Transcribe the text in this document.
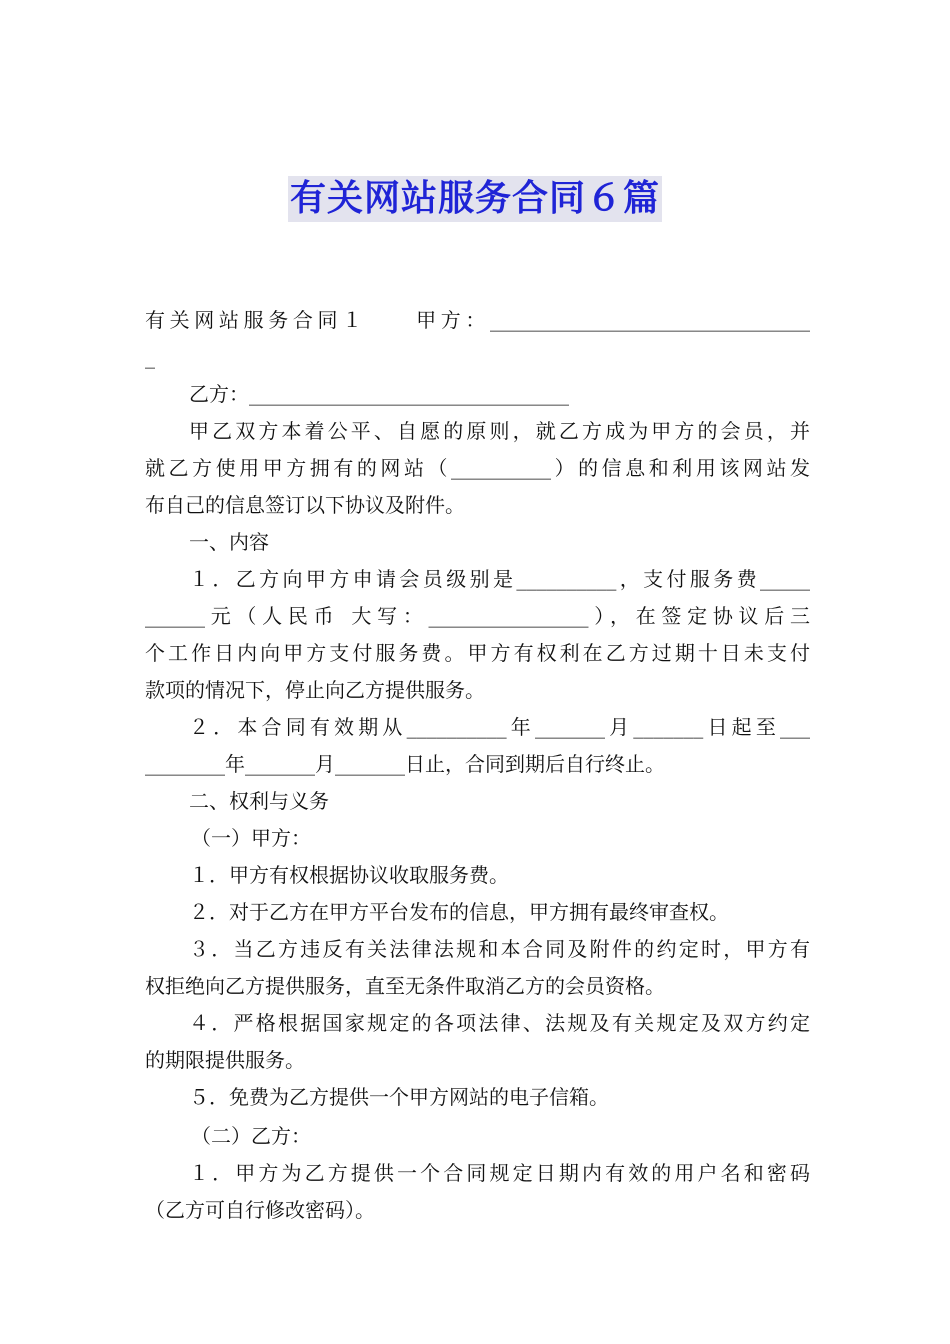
有关网站服务合同６篇
有关网站服务合同１　　甲方：________________________________
_
乙方：________________________________
甲乙双方本着公平、自愿的原则，就乙方成为甲方的会员，并
就乙方使用甲方拥有的网站（__________）的信息和利用该网站发
布自己的信息签订以下协议及附件。
一、内容
１．乙方向甲方申请会员级别是__________，支付服务费_____
______元（人民币 大写：________________），在签定协议后三
个工作日内向甲方支付服务费。甲方有权利在乙方过期十日未支付
款项的情况下，停止向乙方提供服务。
２．本合同有效期从__________年_______月_______日起至___
________年_______月_______日止，合同到期后自行终止。
二、权利与义务
（一）甲方：
１．甲方有权根据协议收取服务费。
２．对于乙方在甲方平台发布的信息，甲方拥有最终审查权。
３．当乙方违反有关法律法规和本合同及附件的约定时，甲方有
权拒绝向乙方提供服务，直至无条件取消乙方的会员资格。
４．严格根据国家规定的各项法律、法规及有关规定及双方约定
的期限提供服务。
５．免费为乙方提供一个甲方网站的电子信箱。
（二）乙方：
１．甲方为乙方提供一个合同规定日期内有效的用户名和密码
（乙方可自行修改密码）。
